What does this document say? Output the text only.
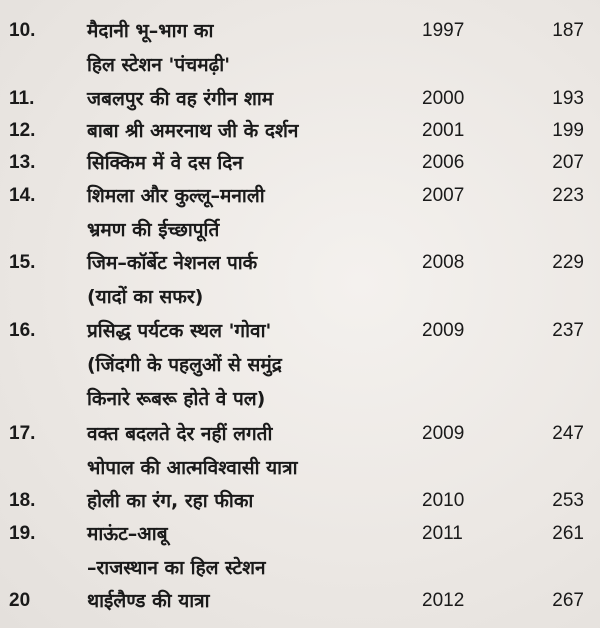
10.	मैदानी भू–भाग का
हिल स्टेशन 'पंचमढ़ी'
1997	187
11.	जबलपुर की वह रंगीन शाम	2000	193
12.	बाबा श्री अमरनाथ जी के दर्शन	2001	199
13.	सिक्किम में वे दस दिन	2006	207
14.	शिमला और कुल्लू–मनाली
भ्रमण की ईच्छापूर्ति
2007	223
15.	जिम–कॉर्बेट नेशनल पार्क
(यादों का सफर)
2008	229
16.	प्रसिद्ध पर्यटक स्थल 'गोवा'
(जिंदगी के पहलुओं से समुंद्र
किनारे रूबरू होते वे पल)
2009	237
17.	वक्त बदलते देर नहीं लगती
भोपाल की आत्मविश्वासी यात्रा
2009	247
18.	होली का रंग, रहा फीका	2010	253
19.	माऊंट–आबू
–राजस्थान का हिल स्टेशन
2011	261
20	थाईलैण्ड की यात्रा	2012	267
